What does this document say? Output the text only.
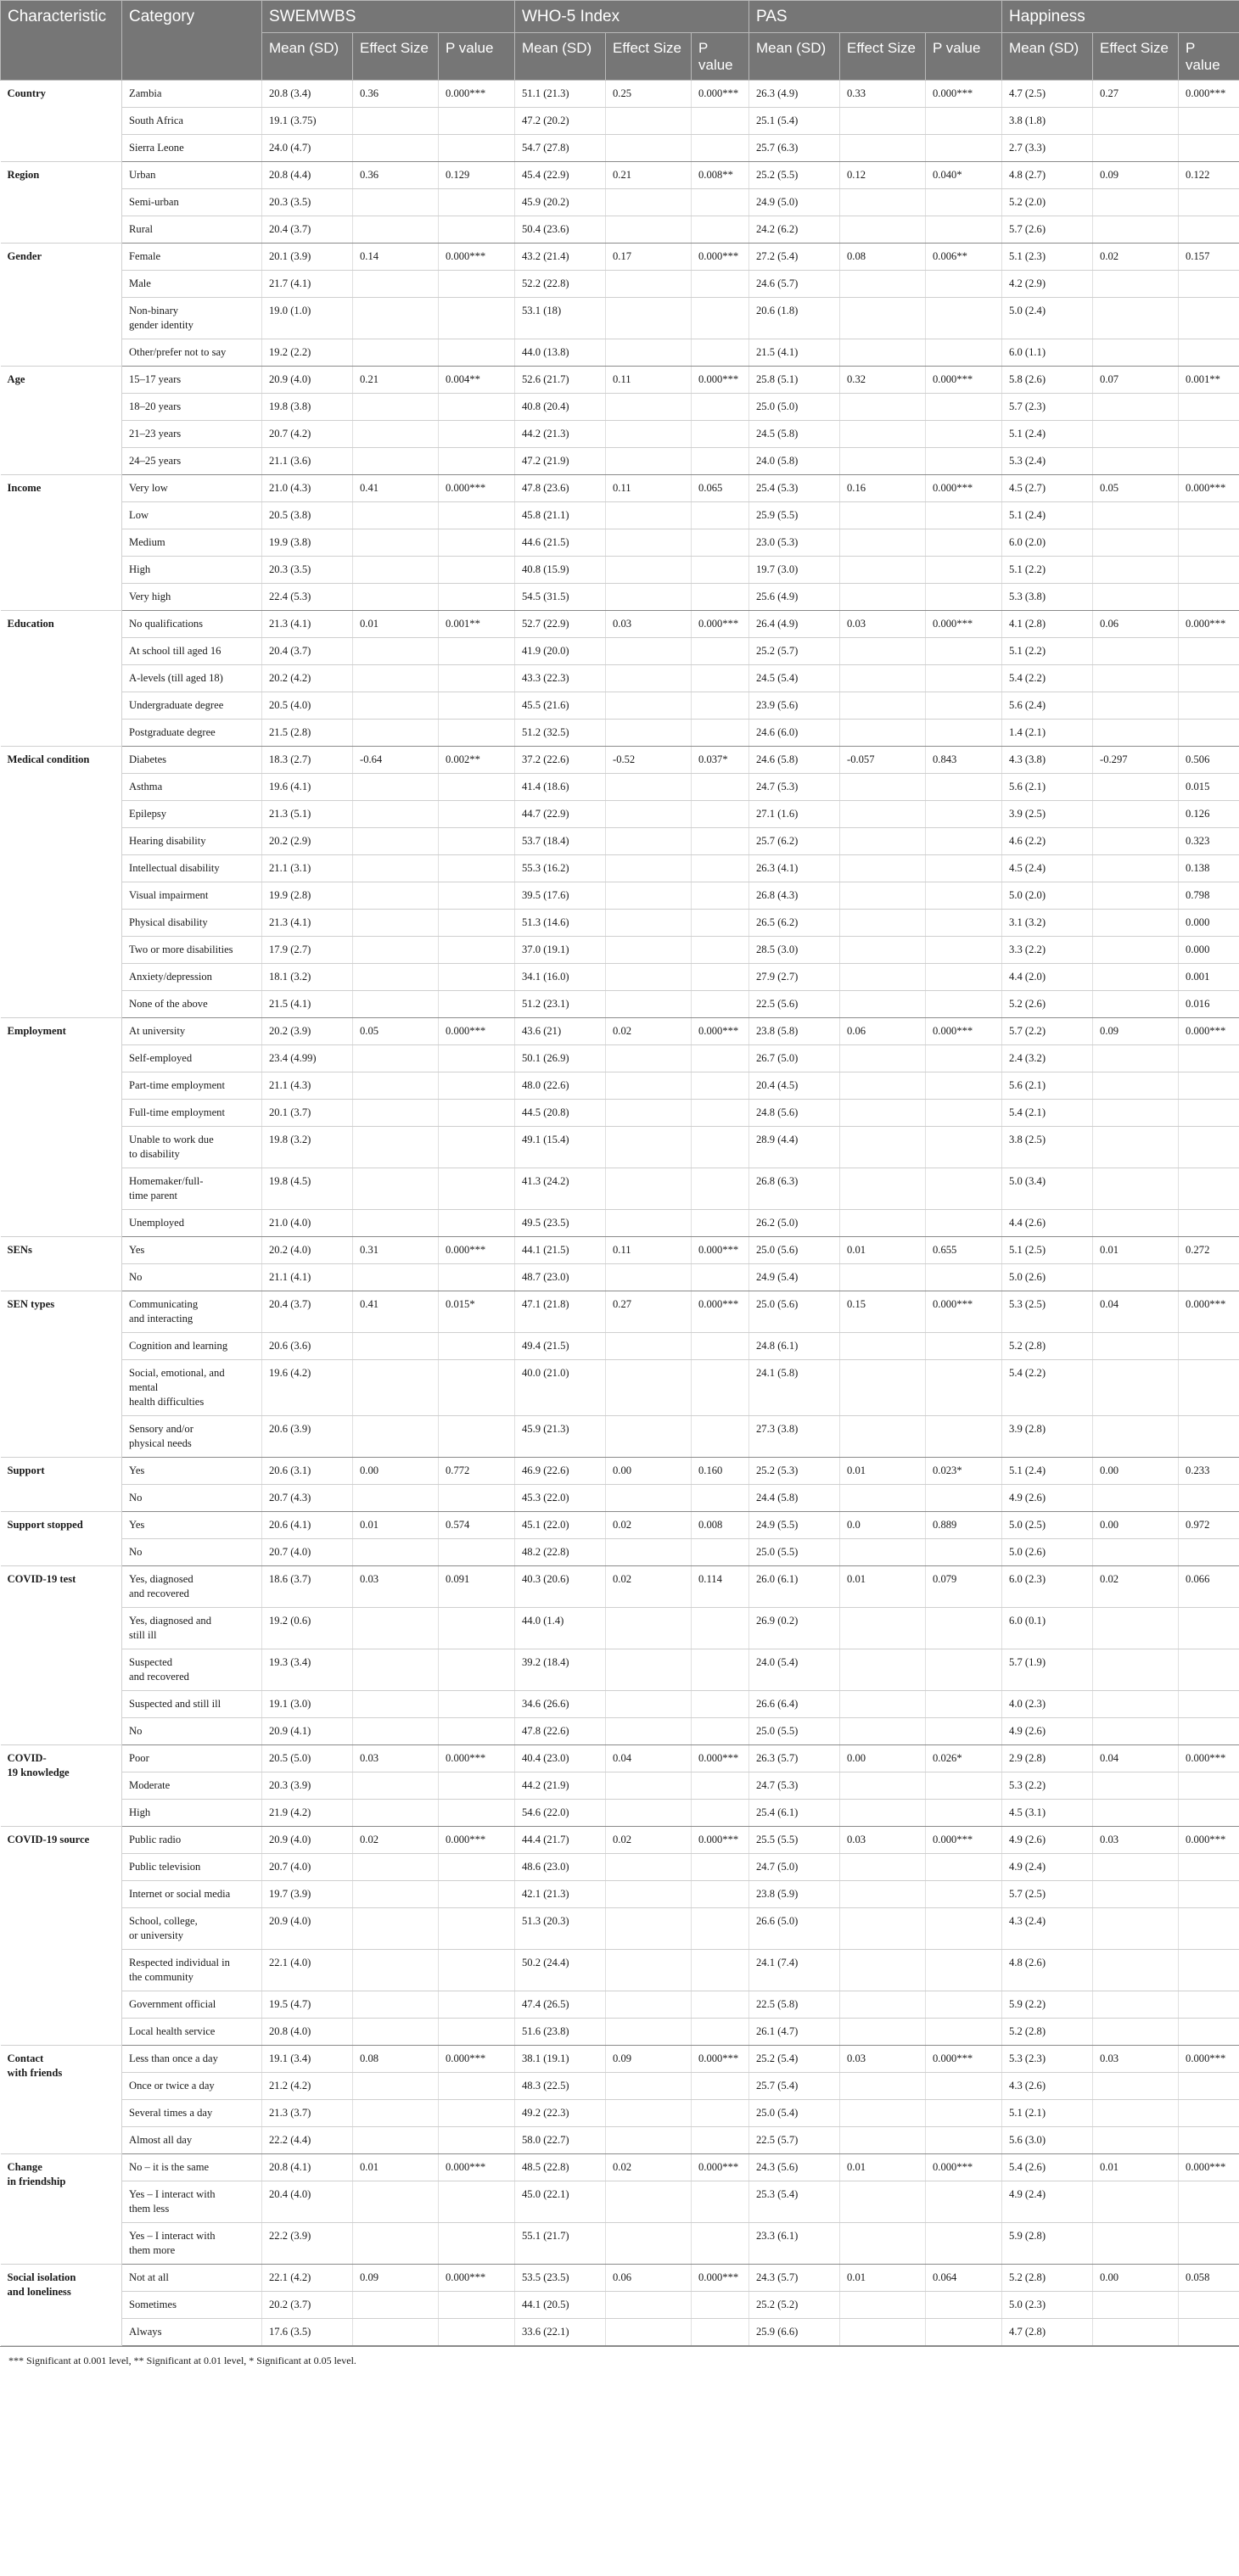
Characteristic	Category	SWEMWBS			WHO-5 Index			PAS			Happiness		
		Mean (SD)	Effect Size	P value	Mean (SD)	Effect Size	P value	Mean (SD)	Effect Size	P value	Mean (SD)	Effect Size	P value
Country	Zambia	20.8 (3.4)	0.36	0.000***	51.1 (21.3)	0.25	0.000***	26.3 (4.9)	0.33	0.000***	4.7 (2.5)	0.27	0.000***
	South Africa	19.1 (3.75)			47.2 (20.2)			25.1 (5.4)			3.8 (1.8)		
	Sierra Leone	24.0 (4.7)			54.7 (27.8)			25.7 (6.3)			2.7 (3.3)		
Region	Urban	20.8 (4.4)	0.36	0.129	45.4 (22.9)	0.21	0.008**	25.2 (5.5)	0.12	0.040*	4.8 (2.7)	0.09	0.122
	Semi-urban	20.3 (3.5)			45.9 (20.2)			24.9 (5.0)			5.2 (2.0)		
	Rural	20.4 (3.7)			50.4 (23.6)			24.2 (6.2)			5.7 (2.6)		
Gender	Female	20.1 (3.9)	0.14	0.000***	43.2 (21.4)	0.17	0.000***	27.2 (5.4)	0.08	0.006**	5.1 (2.3)	0.02	0.157
	Male	21.7 (4.1)			52.2 (22.8)			24.6 (5.7)			4.2 (2.9)		
	Non-binary
gender identity	19.0 (1.0)			53.1 (18)			20.6 (1.8)			5.0 (2.4)		
	Other/prefer not to say	19.2 (2.2)			44.0 (13.8)			21.5 (4.1)			6.0 (1.1)		
Age	15–17 years	20.9 (4.0)	0.21	0.004**	52.6 (21.7)	0.11	0.000***	25.8 (5.1)	0.32	0.000***	5.8 (2.6)	0.07	0.001**
	18–20 years	19.8 (3.8)			40.8 (20.4)			25.0 (5.0)			5.7 (2.3)		
	21–23 years	20.7 (4.2)			44.2 (21.3)			24.5 (5.8)			5.1 (2.4)		
	24–25 years	21.1 (3.6)			47.2 (21.9)			24.0 (5.8)			5.3 (2.4)		
Income	Very low	21.0 (4.3)	0.41	0.000***	47.8 (23.6)	0.11	0.065	25.4 (5.3)	0.16	0.000***	4.5 (2.7)	0.05	0.000***
	Low	20.5 (3.8)			45.8 (21.1)			25.9 (5.5)			5.1 (2.4)		
	Medium	19.9 (3.8)			44.6 (21.5)			23.0 (5.3)			6.0 (2.0)		
	High	20.3 (3.5)			40.8 (15.9)			19.7 (3.0)			5.1 (2.2)		
	Very high	22.4 (5.3)			54.5 (31.5)			25.6 (4.9)			5.3 (3.8)		
Education	No qualifications	21.3 (4.1)	0.01	0.001**	52.7 (22.9)	0.03	0.000***	26.4 (4.9)	0.03	0.000***	4.1 (2.8)	0.06	0.000***
	At school till aged 16	20.4 (3.7)			41.9 (20.0)			25.2 (5.7)			5.1 (2.2)		
	A-levels (till aged 18)	20.2 (4.2)			43.3 (22.3)			24.5 (5.4)			5.4 (2.2)		
	Undergraduate degree	20.5 (4.0)			45.5 (21.6)			23.9 (5.6)			5.6 (2.4)		
	Postgraduate degree	21.5 (2.8)			51.2 (32.5)			24.6 (6.0)			1.4 (2.1)		
Medical condition	Diabetes	18.3 (2.7)	-0.64	0.002**	37.2 (22.6)	-0.52	0.037*	24.6 (5.8)	-0.057	0.843	4.3 (3.8)	-0.297	0.506
	Asthma	19.6 (4.1)			41.4 (18.6)			24.7 (5.3)			5.6 (2.1)		0.015
	Epilepsy	21.3 (5.1)			44.7 (22.9)			27.1 (1.6)			3.9 (2.5)		0.126
	Hearing disability	20.2 (2.9)			53.7 (18.4)			25.7 (6.2)			4.6 (2.2)		0.323
	Intellectual disability	21.1 (3.1)			55.3 (16.2)			26.3 (4.1)			4.5 (2.4)		0.138
	Visual impairment	19.9 (2.8)			39.5 (17.6)			26.8 (4.3)			5.0 (2.0)		0.798
	Physical disability	21.3 (4.1)			51.3 (14.6)			26.5 (6.2)			3.1 (3.2)		0.000
	Two or more disabilities	17.9 (2.7)			37.0 (19.1)			28.5 (3.0)			3.3 (2.2)		0.000
	Anxiety/depression	18.1 (3.2)			34.1 (16.0)			27.9 (2.7)			4.4 (2.0)		0.001
	None of the above	21.5 (4.1)			51.2 (23.1)			22.5 (5.6)			5.2 (2.6)		0.016
Employment	At university	20.2 (3.9)	0.05	0.000***	43.6 (21)	0.02	0.000***	23.8 (5.8)	0.06	0.000***	5.7 (2.2)	0.09	0.000***
	Self-employed	23.4 (4.99)			50.1 (26.9)			26.7 (5.0)			2.4 (3.2)		
	Part-time employment	21.1 (4.3)			48.0 (22.6)			20.4 (4.5)			5.6 (2.1)		
	Full-time employment	20.1 (3.7)			44.5 (20.8)			24.8 (5.6)			5.4 (2.1)		
	Unable to work due
to disability	19.8 (3.2)			49.1 (15.4)			28.9 (4.4)			3.8 (2.5)		
	Homemaker/full-
time parent	19.8 (4.5)			41.3 (24.2)			26.8 (6.3)			5.0 (3.4)		
	Unemployed	21.0 (4.0)			49.5 (23.5)			26.2 (5.0)			4.4 (2.6)		
SENs	Yes	20.2 (4.0)	0.31	0.000***	44.1 (21.5)	0.11	0.000***	25.0 (5.6)	0.01	0.655	5.1 (2.5)	0.01	0.272
	No	21.1 (4.1)			48.7 (23.0)			24.9 (5.4)			5.0 (2.6)		
SEN types	Communicating
and interacting	20.4 (3.7)	0.41	0.015*	47.1 (21.8)	0.27	0.000***	25.0 (5.6)	0.15	0.000***	5.3 (2.5)	0.04	0.000***
	Cognition and learning	20.6 (3.6)			49.4 (21.5)			24.8 (6.1)			5.2 (2.8)		
	Social, emotional, and
mental
health difficulties	19.6 (4.2)			40.0 (21.0)			24.1 (5.8)			5.4 (2.2)		
	Sensory and/or
physical needs	20.6 (3.9)			45.9 (21.3)			27.3 (3.8)			3.9 (2.8)		
Support	Yes	20.6 (3.1)	0.00	0.772	46.9 (22.6)	0.00	0.160	25.2 (5.3)	0.01	0.023*	5.1 (2.4)	0.00	0.233
	No	20.7 (4.3)			45.3 (22.0)			24.4 (5.8)			4.9 (2.6)		
Support stopped	Yes	20.6 (4.1)	0.01	0.574	45.1 (22.0)	0.02	0.008	24.9 (5.5)	0.0	0.889	5.0 (2.5)	0.00	0.972
	No	20.7 (4.0)			48.2 (22.8)			25.0 (5.5)			5.0 (2.6)		
COVID-19 test	Yes, diagnosed
and recovered	18.6 (3.7)	0.03	0.091	40.3 (20.6)	0.02	0.114	26.0 (6.1)	0.01	0.079	6.0 (2.3)	0.02	0.066
	Yes, diagnosed and
still ill	19.2 (0.6)			44.0 (1.4)			26.9 (0.2)			6.0 (0.1)		
	Suspected
and recovered	19.3 (3.4)			39.2 (18.4)			24.0 (5.4)			5.7 (1.9)		
	Suspected and still ill	19.1 (3.0)			34.6 (26.6)			26.6 (6.4)			4.0 (2.3)		
	No	20.9 (4.1)			47.8 (22.6)			25.0 (5.5)			4.9 (2.6)		
COVID-
19 knowledge	Poor	20.5 (5.0)	0.03	0.000***	40.4 (23.0)	0.04	0.000***	26.3 (5.7)	0.00	0.026*	2.9 (2.8)	0.04	0.000***
	Moderate	20.3 (3.9)			44.2 (21.9)			24.7 (5.3)			5.3 (2.2)		
	High	21.9 (4.2)			54.6 (22.0)			25.4 (6.1)			4.5 (3.1)		
COVID-19 source	Public radio	20.9 (4.0)	0.02	0.000***	44.4 (21.7)	0.02	0.000***	25.5 (5.5)	0.03	0.000***	4.9 (2.6)	0.03	0.000***
	Public television	20.7 (4.0)			48.6 (23.0)			24.7 (5.0)			4.9 (2.4)		
	Internet or social media	19.7 (3.9)			42.1 (21.3)			23.8 (5.9)			5.7 (2.5)		
	School, college,
or university	20.9 (4.0)			51.3 (20.3)			26.6 (5.0)			4.3 (2.4)		
	Respected individual in
the community	22.1 (4.0)			50.2 (24.4)			24.1 (7.4)			4.8 (2.6)		
	Government official	19.5 (4.7)			47.4 (26.5)			22.5 (5.8)			5.9 (2.2)		
	Local health service	20.8 (4.0)			51.6 (23.8)			26.1 (4.7)			5.2 (2.8)		
Contact
with friends	Less than once a day	19.1 (3.4)	0.08	0.000***	38.1 (19.1)	0.09	0.000***	25.2 (5.4)	0.03	0.000***	5.3 (2.3)	0.03	0.000***
	Once or twice a day	21.2 (4.2)			48.3 (22.5)			25.7 (5.4)			4.3 (2.6)		
	Several times a day	21.3 (3.7)			49.2 (22.3)			25.0 (5.4)			5.1 (2.1)		
	Almost all day	22.2 (4.4)			58.0 (22.7)			22.5 (5.7)			5.6 (3.0)		
Change
in friendship	No – it is the same	20.8 (4.1)	0.01	0.000***	48.5 (22.8)	0.02	0.000***	24.3 (5.6)	0.01	0.000***	5.4 (2.6)	0.01	0.000***
	Yes – I interact with
them less	20.4 (4.0)			45.0 (22.1)			25.3 (5.4)			4.9 (2.4)		
	Yes – I interact with
them more	22.2 (3.9)			55.1 (21.7)			23.3 (6.1)			5.9 (2.8)		
Social isolation
and loneliness	Not at all	22.1 (4.2)	0.09	0.000***	53.5 (23.5)	0.06	0.000***	24.3 (5.7)	0.01	0.064	5.2 (2.8)	0.00	0.058
	Sometimes	20.2 (3.7)			44.1 (20.5)			25.2 (5.2)			5.0 (2.3)		
	Always	17.6 (3.5)			33.6 (22.1)			25.9 (6.6)			4.7 (2.8)		
*** Significant at 0.001 level, ** Significant at 0.01 level, * Significant at 0.05 level.
